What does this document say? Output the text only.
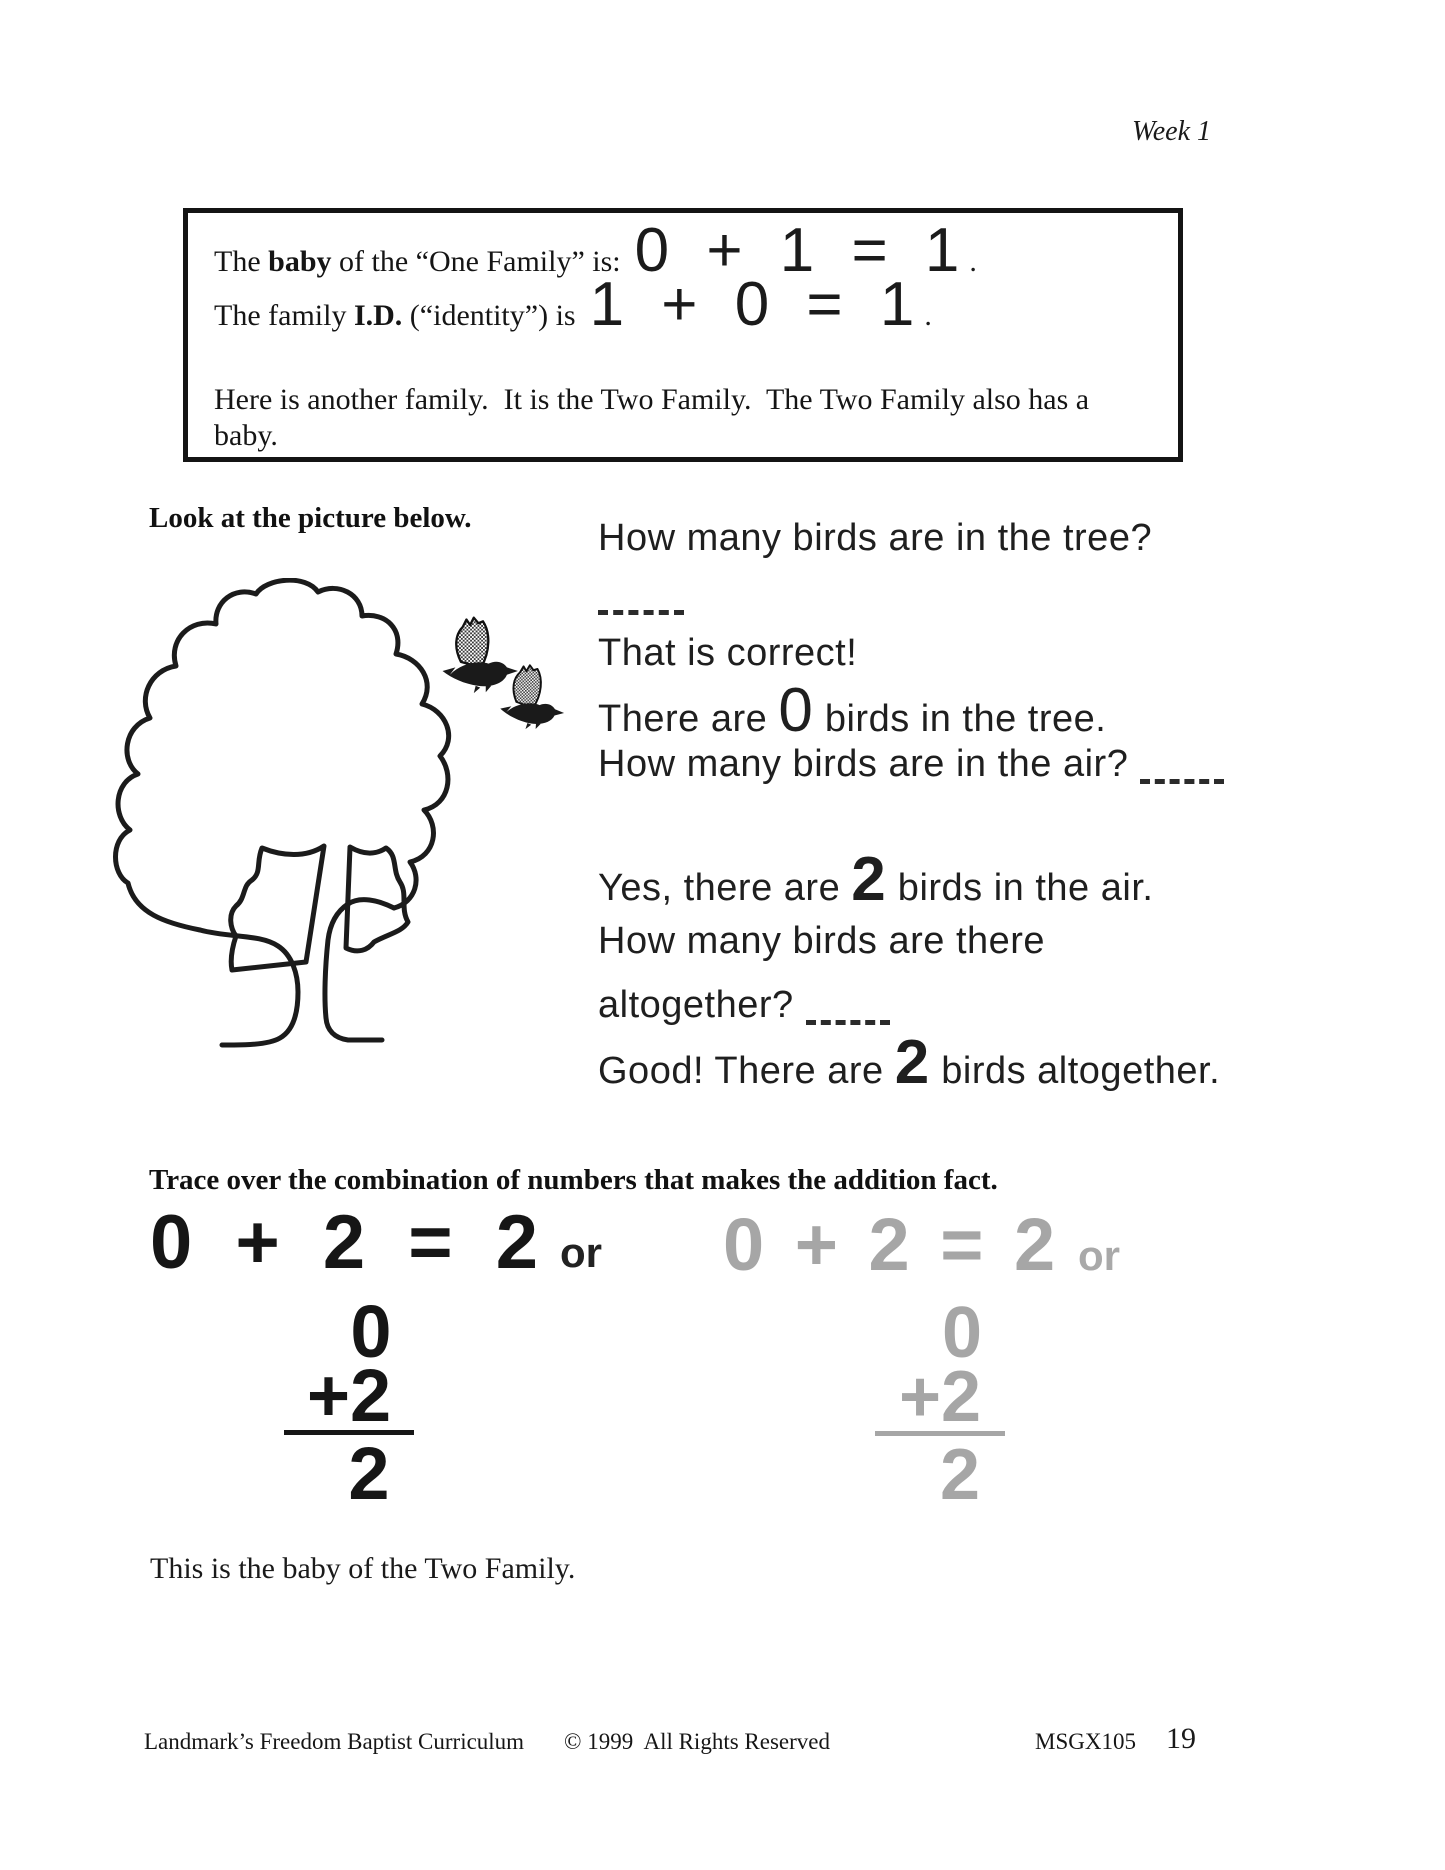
Week 1
The baby of the “One Family” is: 0 + 1 = 1 .
The family I.D. (“identity”) is 1 + 0 = 1 .
Here is another family.  It is the Two Family.  The Two Family also has a
baby.
Look at the picture below.	How many birds are in the tree?
That is correct!
There are 0 birds in the tree.
How many birds are in the air?
Yes, there are 2 birds in the air.
How many birds are there
altogether?
Good! There are 2 birds altogether.
Trace over the combination of numbers that makes the addition fact.
0 + 2 = 2 or 0 + 2 = 2 or
0
+2
2
0
+2
2
This is the baby of the Two Family.
Landmark’s Freedom Baptist Curriculum © 1999  All Rights Reserved	MSGX105 19
